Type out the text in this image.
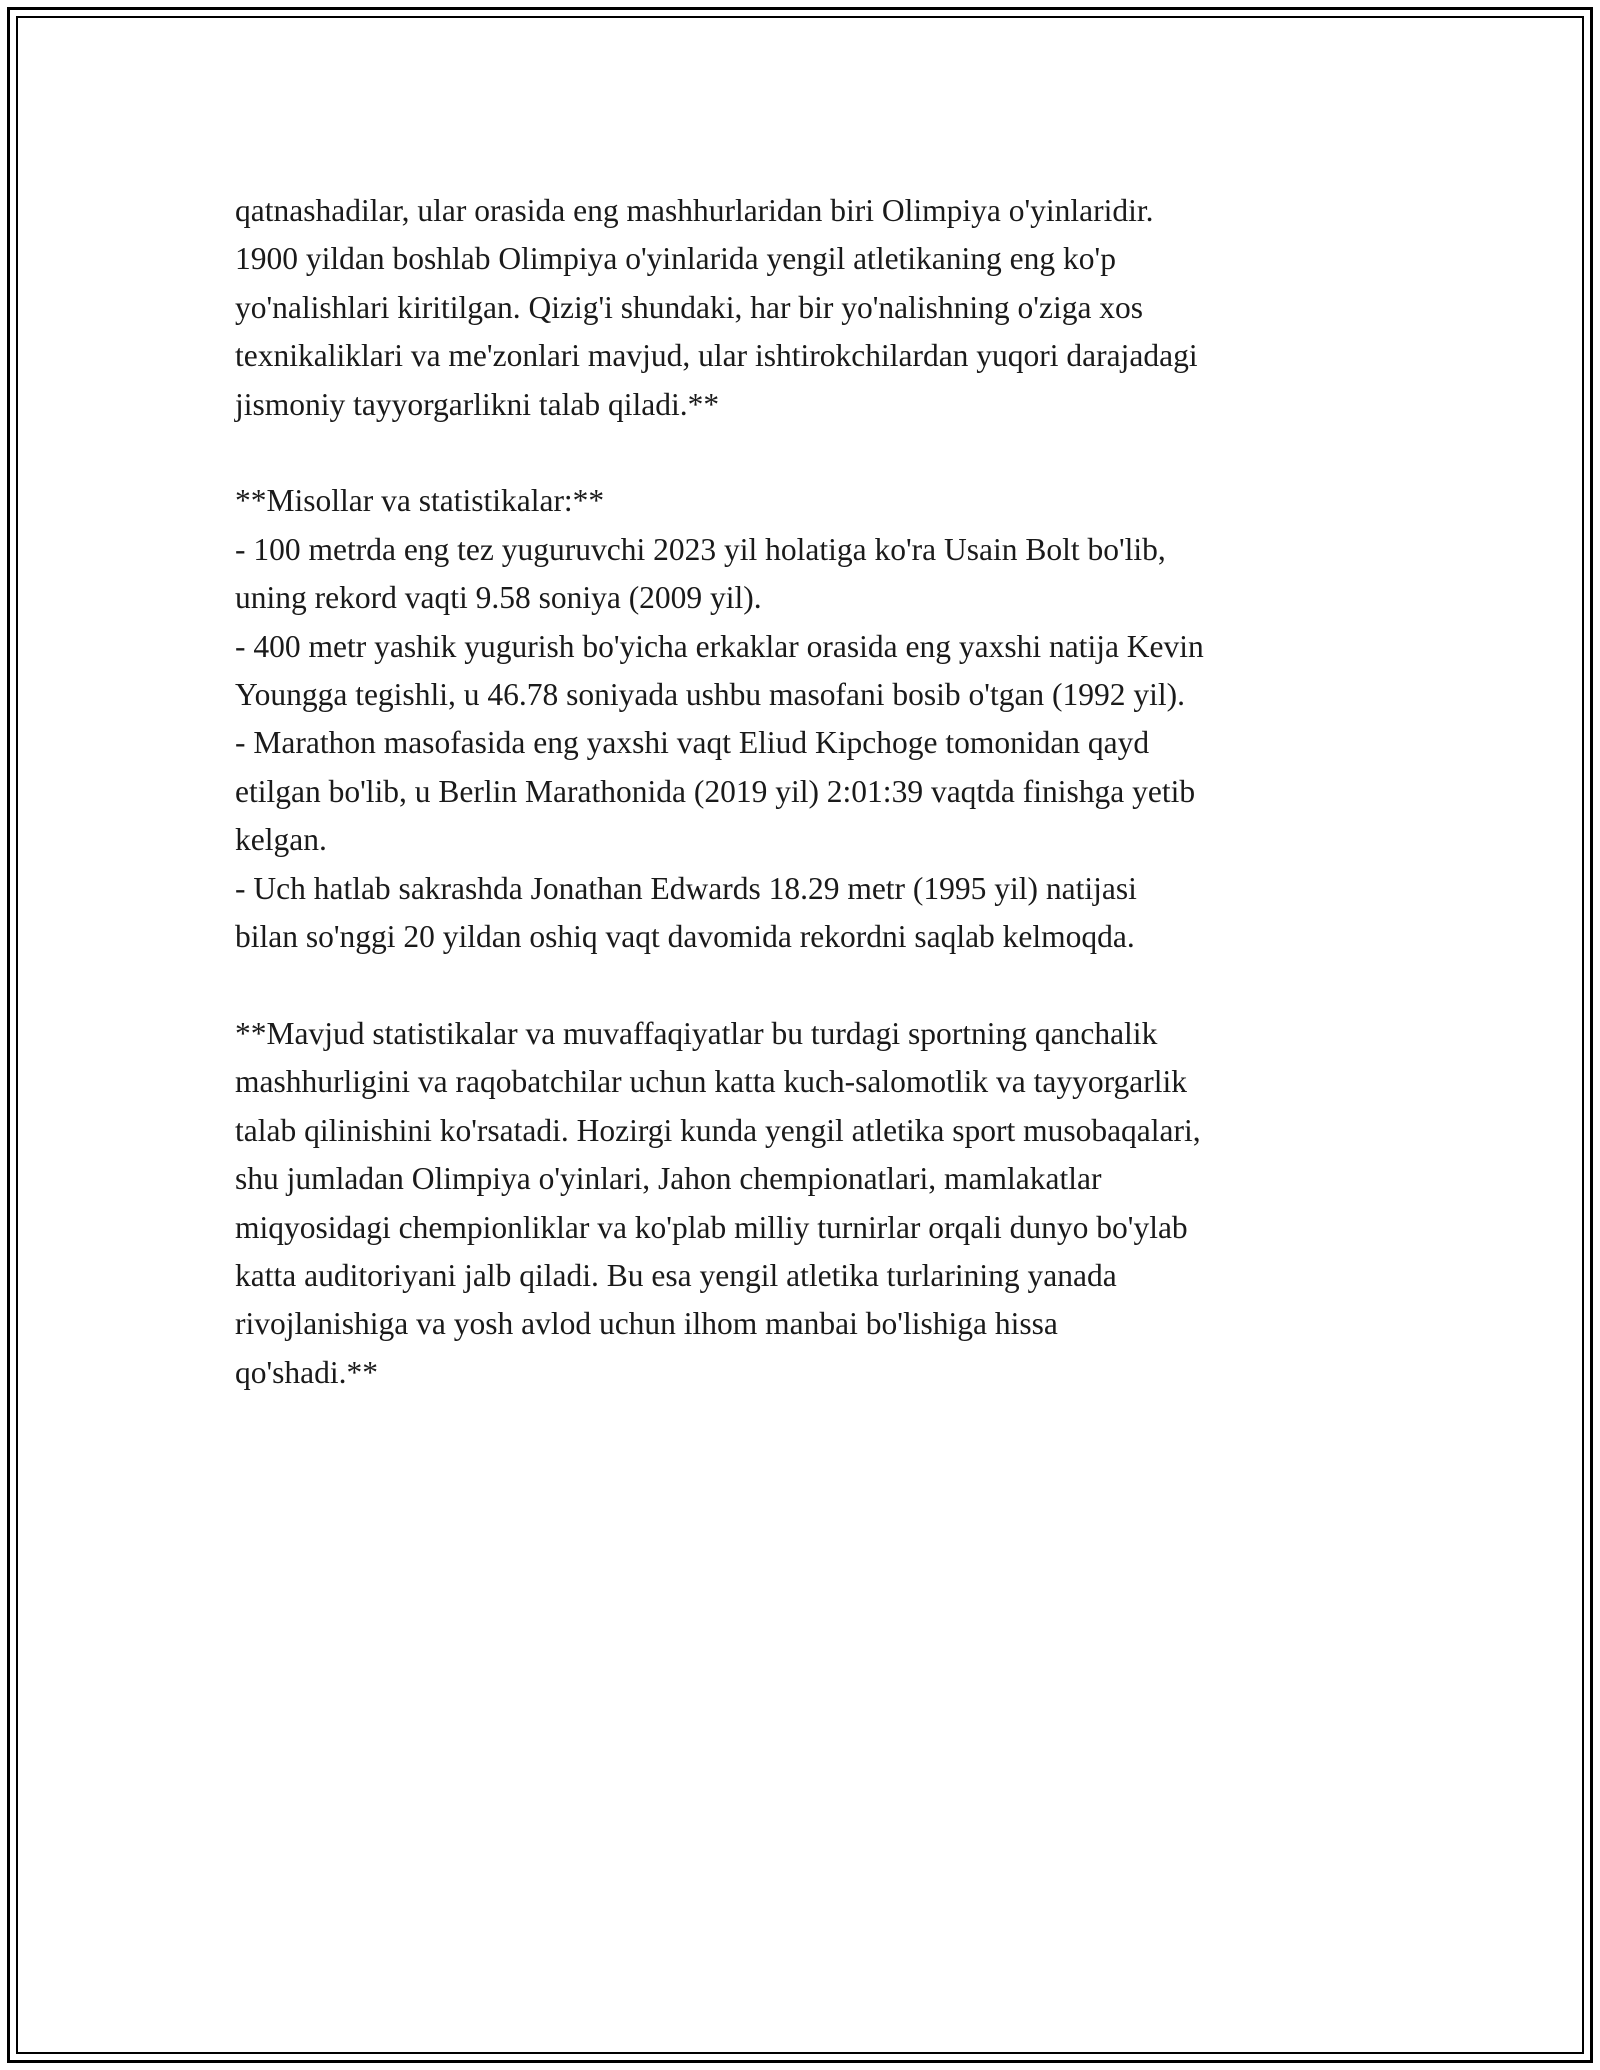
qatnashadilar, ular orasida eng mashhurlaridan biri Olimpiya o'yinlaridir.
1900 yildan boshlab Olimpiya o'yinlarida yengil atletikaning eng ko'p
yo'nalishlari kiritilgan. Qizig'i shundaki, har bir yo'nalishning o'ziga xos
texnikaliklari va me'zonlari mavjud, ular ishtirokchilardan yuqori darajadagi
jismoniy tayyorgarlikni talab qiladi.**

**Misollar va statistikalar:**

- 100 metrda eng tez yuguruvchi 2023 yil holatiga ko'ra Usain Bolt bo'lib,
uning rekord vaqti 9.58 soniya (2009 yil).
- 400 metr yashik yugurish bo'yicha erkaklar orasida eng yaxshi natija Kevin
Youngga tegishli, u 46.78 soniyada ushbu masofani bosib o'tgan (1992 yil).
- Marathon masofasida eng yaxshi vaqt Eliud Kipchoge tomonidan qayd
etilgan bo'lib, u Berlin Marathonida (2019 yil) 2:01:39 vaqtda finishga yetib
kelgan.
- Uch hatlab sakrashda Jonathan Edwards 18.29 metr (1995 yil) natijasi
bilan so'nggi 20 yildan oshiq vaqt davomida rekordni saqlab kelmoqda.

**Mavjud statistikalar va muvaffaqiyatlar bu turdagi sportning qanchalik
mashhurligini va raqobatchilar uchun katta kuch-salomotlik va tayyorgarlik
talab qilinishini ko'rsatadi. Hozirgi kunda yengil atletika sport musobaqalari,
shu jumladan Olimpiya o'yinlari, Jahon chempionatlari, mamlakatlar
miqyosidagi chempionliklar va ko'plab milliy turnirlar orqali dunyo bo'ylab
katta auditoriyani jalb qiladi. Bu esa yengil atletika turlarining yanada
rivojlanishiga va yosh avlod uchun ilhom manbai bo'lishiga hissa
qo'shadi.**
